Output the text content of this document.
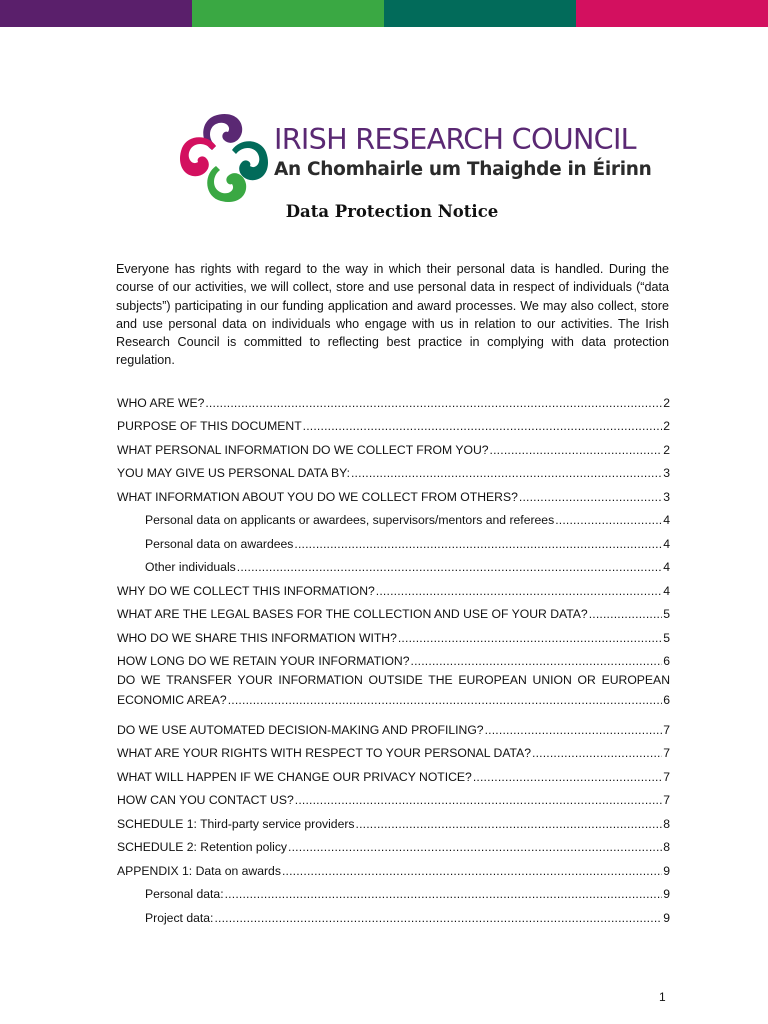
IRISH RESEARCH COUNCIL
An Chomhairle um Thaighde in Éirinn
Data Protection Notice

Everyone has rights with regard to the way in which their personal data is handled. During the course of our activities, we will collect, store and use personal data in respect of individuals (“data subjects”) participating in our funding application and award processes. We may also collect, store and use personal data on individuals who engage with us in relation to our activities. The Irish Research Council is committed to reflecting best practice in complying with data protection regulation.

WHO ARE WE? . . .	2
PURPOSE OF THIS DOCUMENT . . .	2
WHAT PERSONAL INFORMATION DO WE COLLECT FROM YOU? . . .	2
YOU MAY GIVE US PERSONAL DATA BY: . . .	3
WHAT INFORMATION ABOUT YOU DO WE COLLECT FROM OTHERS? . . .	3
Personal data on applicants or awardees, supervisors/mentors and referees . . .	4
Personal data on awardees . . .	4
Other individuals . . .	4
WHY DO WE COLLECT THIS INFORMATION? . . .	4
WHAT ARE THE LEGAL BASES FOR THE COLLECTION AND USE OF YOUR DATA? . . .	5
WHO DO WE SHARE THIS INFORMATION WITH? . . .	5
HOW LONG DO WE RETAIN YOUR INFORMATION? . . .	6
DO WE TRANSFER YOUR INFORMATION OUTSIDE THE EUROPEAN UNION OR EUROPEAN
ECONOMIC AREA? . . .	6
DO WE USE AUTOMATED DECISION-MAKING AND PROFILING? . . .	7
WHAT ARE YOUR RIGHTS WITH RESPECT TO YOUR PERSONAL DATA? . . .	7
WHAT WILL HAPPEN IF WE CHANGE OUR PRIVACY NOTICE? . . .	7
HOW CAN YOU CONTACT US? . . .	7
SCHEDULE 1: Third-party service providers . . .	8
SCHEDULE 2: Retention policy . . .	8
APPENDIX 1: Data on awards . . .	9
Personal data: . . .	9
Project data: . . .	9
1
